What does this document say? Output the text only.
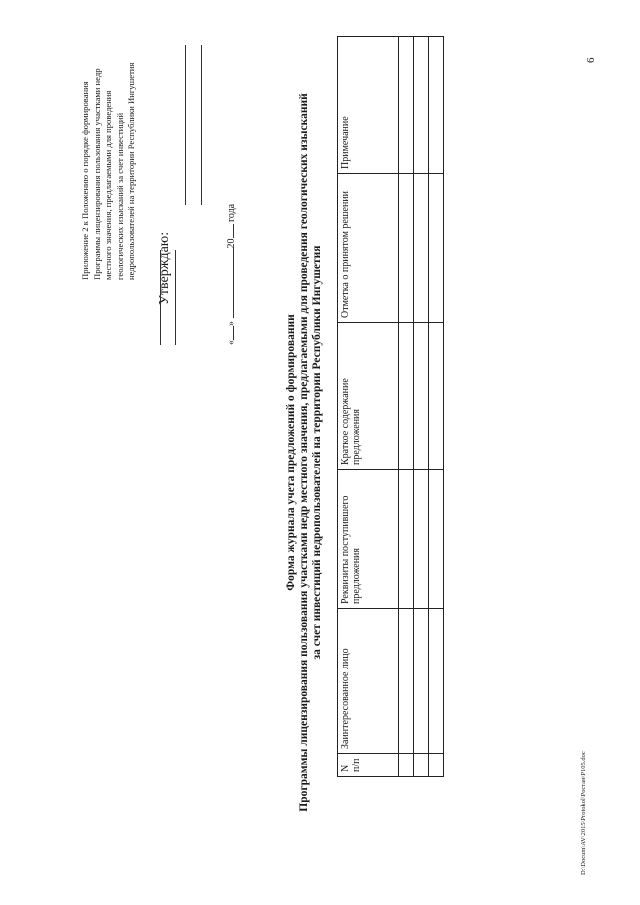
6
Приложение 2 к Положению о порядке формирования Программы лицензирования пользования участками недр местного значения, предлагаемыми для проведения геологических изысканий за счет инвестиций недропользователей на территории Республики Ингушетия Утверждаю:
«» 20 года
Форма журнала учета предложений о формировании Программы лицензирования пользования участками недр местного значения, предлагаемыми для проведения геологических изысканий за счет инвестиций недропользователей на территории Республики Ингушетия
N п/п	Заинтересованное лицо	Реквизиты поступившего предложения	Краткое содержание предложения	Отметка о принятом решении	Примечание

D:\Docum\AV\2015\Protokol\Poстан\P105.doc
